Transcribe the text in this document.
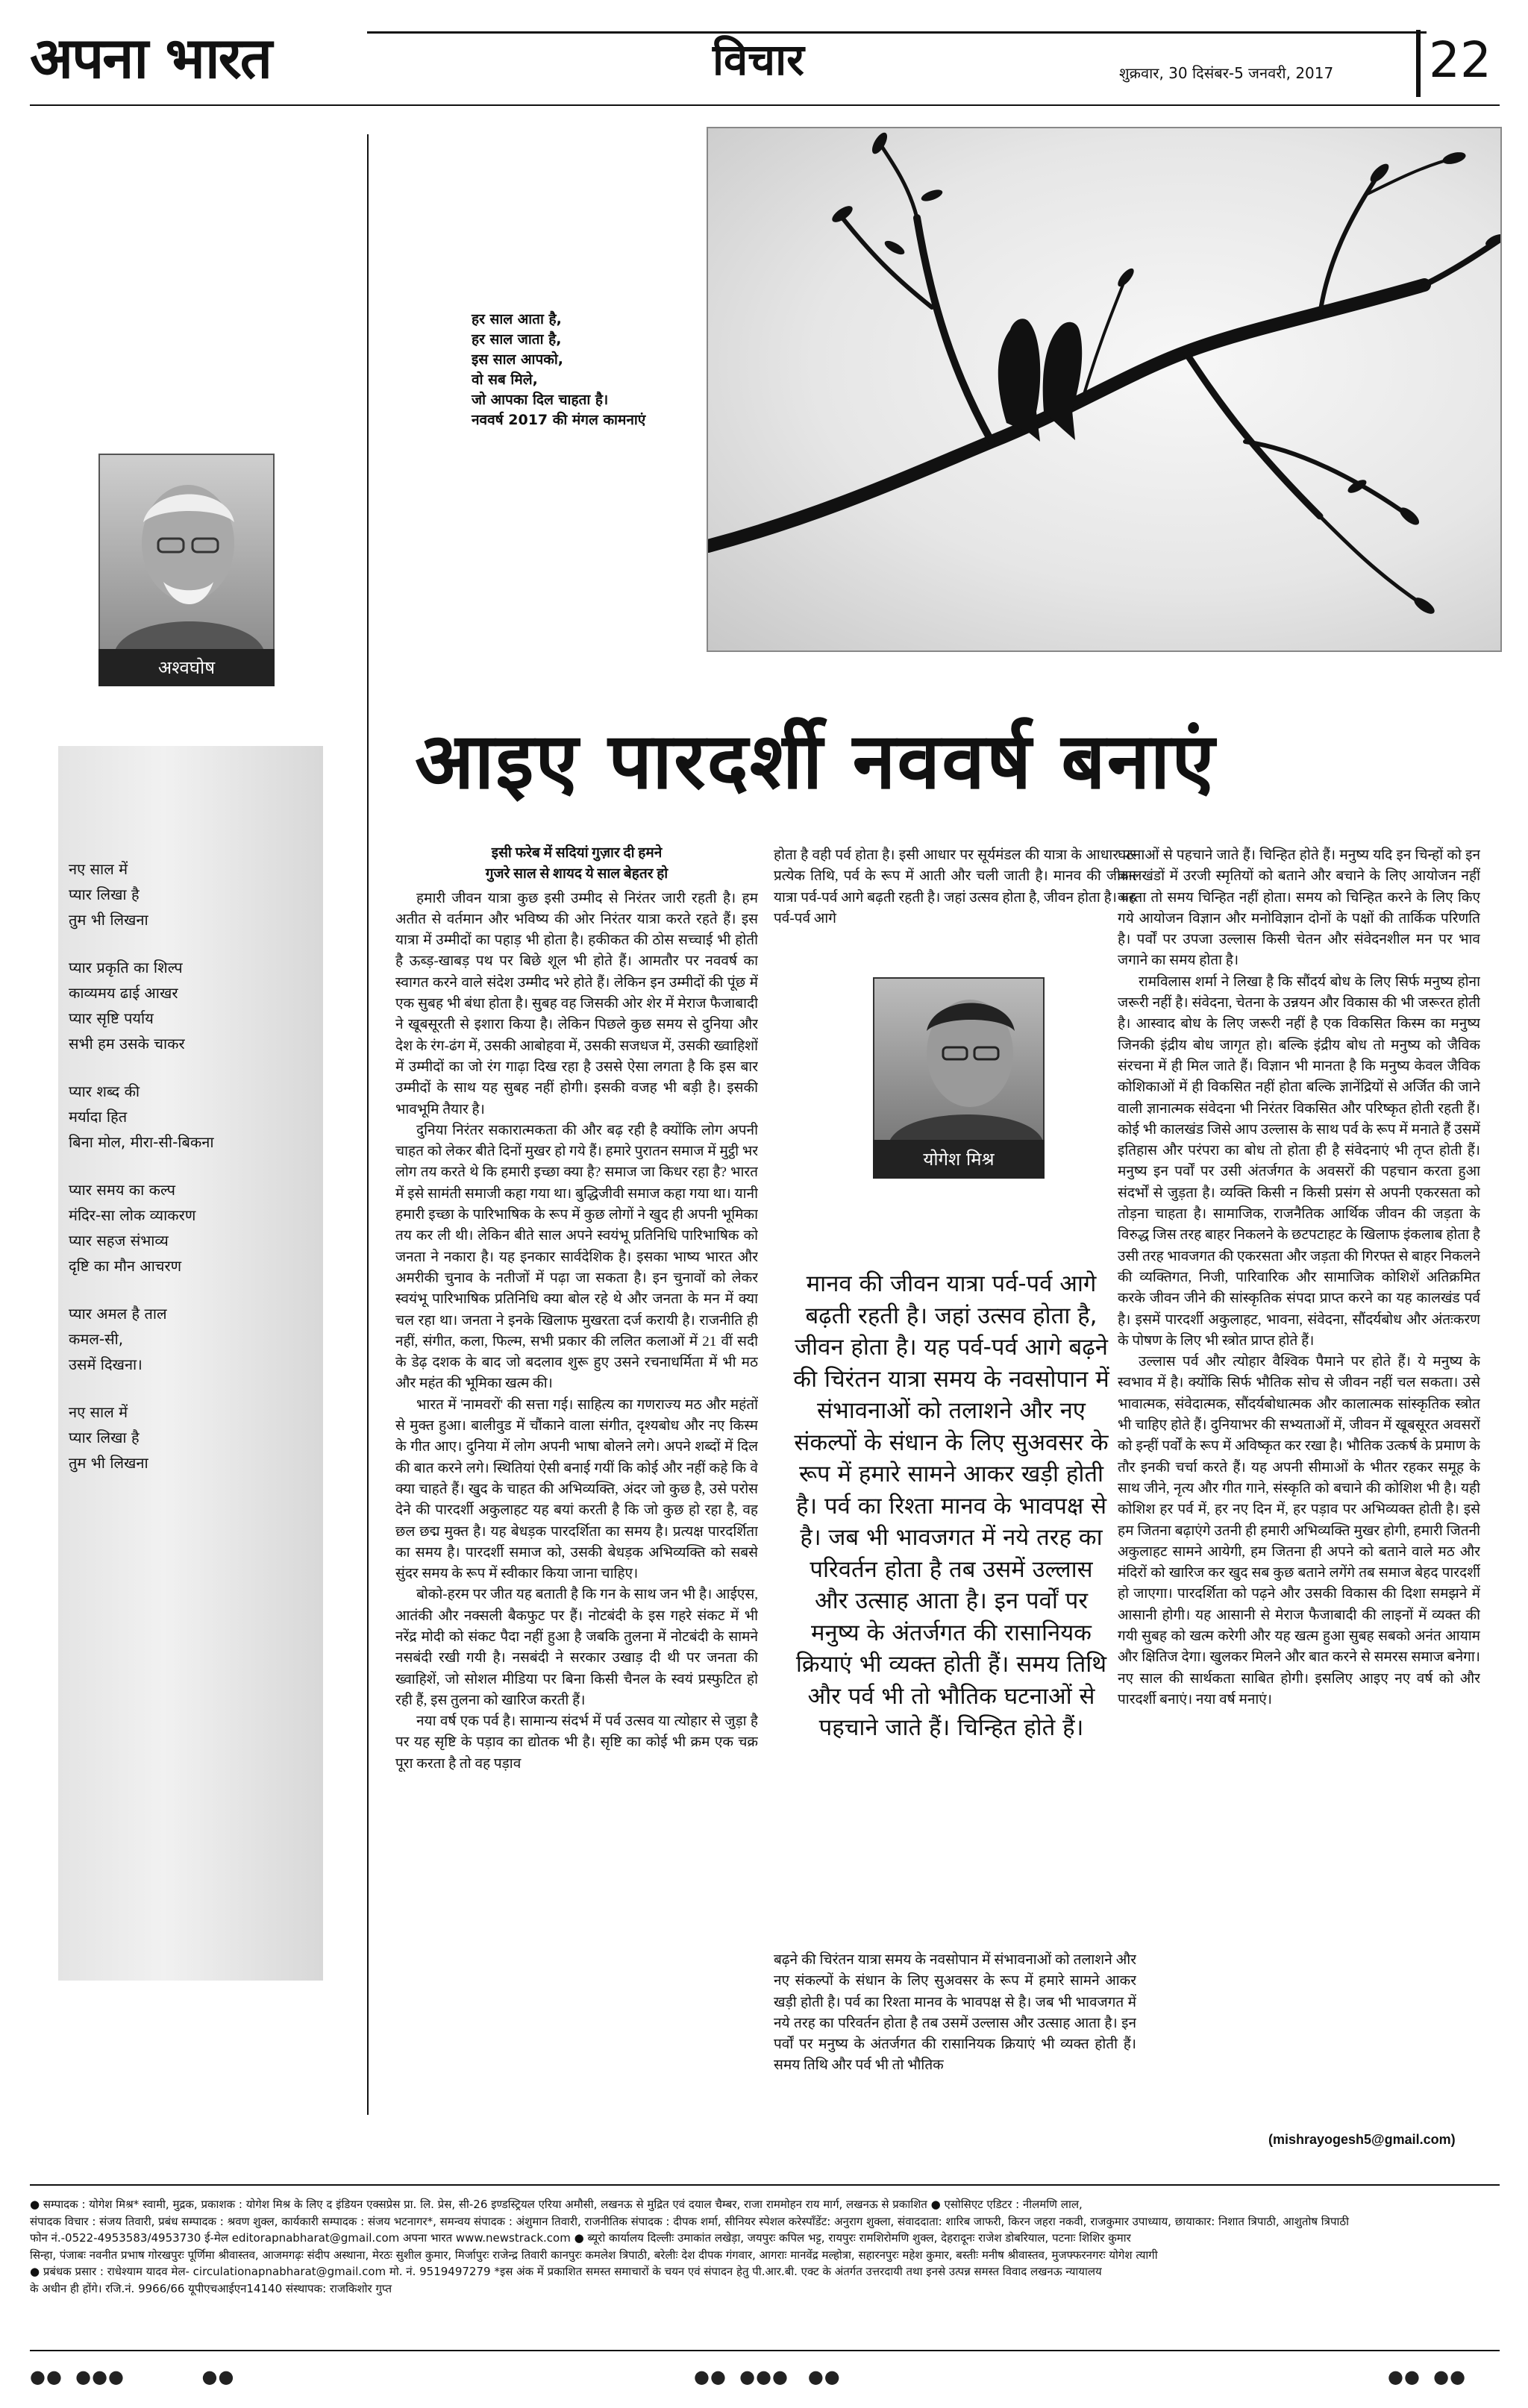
अपना भारत	विचार	शुक्रवार, 30 दिसंबर-5 जनवरी, 2017 22
हर साल आता है,
हर साल जाता है,
इस साल आपको,
वो सब मिले,
जो आपका दिल चाहता है।
नववर्ष 2017 की मंगल कामनाएं
अश्वघोष
नए साल में
प्यार लिखा है
तुम भी लिखना
प्यार प्रकृति का शिल्प
काव्यमय ढाई आखर
प्यार सृष्टि पर्याय
सभी हम उसके चाकर
प्यार शब्द की
मर्यादा हित
बिना मोल, मीरा-सी-बिकना
प्यार समय का कल्प
मंदिर-सा लोक व्याकरण
प्यार सहज संभाव्य
दृष्टि का मौन आचरण
प्यार अमल है ताल
कमल-सी,
उसमें दिखना।
नए साल में
प्यार लिखा है
तुम भी लिखना
आइए पारदर्शी नववर्ष बनाएं

इसी फरेब में सदियां गुज़ार दी हमने
गुजरे साल से शायद ये साल बेहतर हो

हमारी जीवन यात्रा कुछ इसी उम्मीद से निरंतर जारी रहती है। हम अतीत से वर्तमान और भविष्य की ओर निरंतर यात्रा करते रहते हैं। इस यात्रा में उम्मीदों का पहाड़ भी होता है। हकीकत की ठोस सच्चाई भी होती है ऊब्ड़-खाबड़ पथ पर बिछे शूल भी होते हैं। आमतौर पर नववर्ष का स्वागत करने वाले संदेश उम्मीद भरे होते हैं। लेकिन इन उम्मीदों की पूंछ में एक सुबह भी बंधा होता है। सुबह वह जिसकी ओर शेर में मेराज फैजाबादी ने खूबसूरती से इशारा किया है। लेकिन पिछले कुछ समय से दुनिया और देश के रंग-ढंग में, उसकी आबोहवा में, उसकी सजधज में, उसकी ख्वाहिशों में उम्मीदों का जो रंग गाढ़ा दिख रहा है उससे ऐसा लगता है कि इस बार उम्मीदों के साथ यह सुबह नहीं होगी। इसकी वजह भी बड़ी है। इसकी भावभूमि तैयार है।

दुनिया निरंतर सकारात्मकता की और बढ़ रही है क्योंकि लोग अपनी चाहत को लेकर बीते दिनों मुखर हो गये हैं। हमारे पुरातन समाज में मुट्ठी भर लोग तय करते थे कि हमारी इच्छा क्या है? समाज जा किधर रहा है? भारत में इसे सामंती समाजी कहा गया था। बुद्धिजीवी समाज कहा गया था। यानी हमारी इच्छा के पारिभाषिक के रूप में कुछ लोगों ने खुद ही अपनी भूमिका तय कर ली थी। लेकिन बीते साल अपने स्वयंभू प्रतिनिधि पारिभाषिक को जनता ने नकारा है। यह इनकार सार्वदेशिक है। इसका भाष्य भारत और अमरीकी चुनाव के नतीजों में पढ़ा जा सकता है। इन चुनावों को लेकर स्वयंभू पारिभाषिक प्रतिनिधि क्या बोल रहे थे और जनता के मन में क्या चल रहा था। जनता ने इनके खिलाफ मुखरता दर्ज करायी है। राजनीति ही नहीं, संगीत, कला, फिल्म, सभी प्रकार की ललित कलाओं में 21 वीं सदी के डेढ़ दशक के बाद जो बदलाव शुरू हुए उसने रचनाधर्मिता में भी मठ और महंत की भूमिका खत्म की।

भारत में 'नामवरों' की सत्ता गई। साहित्य का गणराज्य मठ और महंतों से मुक्त हुआ। बालीवुड में चौंकाने वाला संगीत, दृश्यबोध और नए किस्म के गीत आए। दुनिया में लोग अपनी भाषा बोलने लगे। अपने शब्दों में दिल की बात करने लगे। स्थितियां ऐसी बनाई गयीं कि कोई और नहीं कहे कि वे क्या चाहते हैं। खुद के चाहत की अभिव्यक्ति, अंदर जो कुछ है, उसे परोस देने की पारदर्शी अकुलाहट यह बयां करती है कि जो कुछ हो रहा है, वह छल छद्म मुक्त है। यह बेधड़क पारदर्शिता का समय है। प्रत्यक्ष पारदर्शिता का समय है। पारदर्शी समाज को, उसकी बेधड़क अभिव्यक्ति को सबसे सुंदर समय के रूप में स्वीकार किया जाना चाहिए।

बोको-हरम पर जीत यह बताती है कि गन के साथ जन भी है। आईएस, आतंकी और नक्सली बैकफुट पर हैं। नोटबंदी के इस गहरे संकट में भी नरेंद्र मोदी को संकट पैदा नहीं हुआ है जबकि तुलना में नोटबंदी के सामने नसबंदी रखी गयी है। नसबंदी ने सरकार उखाड़ दी थी पर जनता की ख्वाहिशें, जो सोशल मीडिया पर बिना किसी चैनल के स्वयं प्रस्फुटित हो रही हैं, इस तुलना को खारिज करती हैं।

नया वर्ष एक पर्व है। सामान्य संदर्भ में पर्व उत्सव या त्योहार से जुड़ा है पर यह सृष्टि के पड़ाव का द्योतक भी है। सृष्टि का कोई भी क्रम एक चक्र पूरा करता है तो वह पड़ाव

होता है वही पर्व होता है। इसी आधार पर सूर्यमंडल की यात्रा के आधार पर प्रत्येक तिथि, पर्व के रूप में आती और चली जाती है। मानव की जीवन यात्रा पर्व-पर्व आगे बढ़ती रहती है। जहां उत्सव होता है, जीवन होता है। यह पर्व-पर्व आगे

योगेश मिश्र
मानव की जीवन यात्रा पर्व-पर्व आगे बढ़ती रहती है। जहां उत्सव होता है, जीवन होता है। यह पर्व-पर्व आगे बढ़ने की चिरंतन यात्रा समय के नवसोपान में संभावनाओं को तलाशने और नए संकल्पों के संधान के लिए सुअवसर के रूप में हमारे सामने आकर खड़ी होती है। पर्व का रिश्ता मानव के भावपक्ष से है। जब भी भावजगत में नये तरह का परिवर्तन होता है तब उसमें उल्लास और उत्साह आता है। इन पर्वों पर मनुष्य के अंतर्जगत की रासानियक क्रियाएं भी व्यक्त होती हैं। समय तिथि और पर्व भी तो भौतिक घटनाओं से पहचाने जाते हैं। चिन्हित होते हैं।

बढ़ने की चिरंतन यात्रा समय के नवसोपान में संभावनाओं को तलाशने और नए संकल्पों के संधान के लिए सुअवसर के रूप में हमारे सामने आकर खड़ी होती है। पर्व का रिश्ता मानव के भावपक्ष से है। जब भी भावजगत में नये तरह का परिवर्तन होता है तब उसमें उल्लास और उत्साह आता है। इन पर्वों पर मनुष्य के अंतर्जगत की रासानियक क्रियाएं भी व्यक्त होती हैं। समय तिथि और पर्व भी तो भौतिक

घटनाओं से पहचाने जाते हैं। चिन्हित होते हैं। मनुष्य यदि इन चिन्हों को इन कालखंडों में उरजी स्मृतियों को बताने और बचाने के लिए आयोजन नहीं करता तो समय चिन्हित नहीं होता। समय को चिन्हित करने के लिए किए गये आयोजन विज्ञान और मनोविज्ञान दोनों के पक्षों की तार्किक परिणति है। पर्वों पर उपजा उल्लास किसी चेतन और संवेदनशील मन पर भाव जगाने का समय होता है।

रामविलास शर्मा ने लिखा है कि सौंदर्य बोध के लिए सिर्फ मनुष्य होना जरूरी नहीं है। संवेदना, चेतना के उन्नयन और विकास की भी जरूरत होती है। आस्वाद बोध के लिए जरूरी नहीं है एक विकसित किस्म का मनुष्य जिनकी इंद्रीय बोध जागृत हो। बल्कि इंद्रीय बोध तो मनुष्य को जैविक संरचना में ही मिल जाते हैं। विज्ञान भी मानता है कि मनुष्य केवल जैविक कोशिकाओं में ही विकसित नहीं होता बल्कि ज्ञानेंद्रियों से अर्जित की जाने वाली ज्ञानात्मक संवेदना भी निरंतर विकसित और परिष्कृत होती रहती हैं। कोई भी कालखंड जिसे आप उल्लास के साथ पर्व के रूप में मनाते हैं उसमें इतिहास और परंपरा का बोध तो होता ही है संवेदनाएं भी तृप्त होती हैं। मनुष्य इन पर्वों पर उसी अंतर्जगत के अवसरों की पहचान करता हुआ संदर्भों से जुड़ता है। व्यक्ति किसी न किसी प्रसंग से अपनी एकरसता को तोड़ना चाहता है। सामाजिक, राजनैतिक आर्थिक जीवन की जड़ता के विरुद्ध जिस तरह बाहर निकलने के छटपटाहट के खिलाफ इंकलाब होता है उसी तरह भावजगत की एकरसता और जड़ता की गिरफ्त से बाहर निकलने की व्यक्तिगत, निजी, पारिवारिक और सामाजिक कोशिशें अतिक्रमित करके जीवन जीने की सांस्कृतिक संपदा प्राप्त करने का यह कालखंड पर्व है। इसमें पारदर्शी अकुलाहट, भावना, संवेदना, सौंदर्यबोध और अंतःकरण के पोषण के लिए भी स्त्रोत प्राप्त होते हैं।

उल्लास पर्व और त्योहार वैश्विक पैमाने पर होते हैं। ये मनुष्य के स्वभाव में है। क्योंकि सिर्फ भौतिक सोच से जीवन नहीं चल सकता। उसे भावात्मक, संवेदात्मक, सौंदर्यबोधात्मक और कालात्मक सांस्कृतिक स्त्रोत भी चाहिए होते हैं। दुनियाभर की सभ्यताओं में, जीवन में खूबसूरत अवसरों को इन्हीं पर्वों के रूप में अविष्कृत कर रखा है। भौतिक उत्कर्ष के प्रमाण के तौर इनकी चर्चा करते हैं। यह अपनी सीमाओं के भीतर रहकर समूह के साथ जीने, नृत्य और गीत गाने, संस्कृति को बचाने की कोशिश भी है। यही कोशिश हर पर्व में, हर नए दिन में, हर पड़ाव पर अभिव्यक्त होती है। इसे हम जितना बढ़ाएंगे उतनी ही हमारी अभिव्यक्ति मुखर होगी, हमारी जितनी अकुलाहट सामने आयेगी, हम जितना ही अपने को बताने वाले मठ और मंदिरों को खारिज कर खुद सब कुछ बताने लगेंगे तब समाज बेहद पारदर्शी हो जाएगा। पारदर्शिता को पढ़ने और उसकी विकास की दिशा समझने में आसानी होगी। यह आसानी से मेराज फैजाबादी की लाइनों में व्यक्त की गयी सुबह को खत्म करेगी और यह खत्म हुआ सुबह सबको अनंत आयाम और क्षितिज देगा। खुलकर मिलने और बात करने से समरस समाज बनेगा। नए साल की सार्थकता साबित होगी। इसलिए आइए नए वर्ष को और पारदर्शी बनाएं। नया वर्ष मनाएं।

(mishrayogesh5@gmail.com)
● सम्पादक : योगेश मिश्र* स्वामी, मुद्रक, प्रकाशक : योगेश मिश्र के लिए द इंडियन एक्सप्रेस प्रा. लि. प्रेस, सी-26 इण्डस्ट्रियल एरिया अमौसी, लखनऊ से मुद्रित एवं दयाल चैम्बर, राजा राममोहन राय मार्ग, लखनऊ से प्रकाशित ● एसोसिएट एडिटर : नीलमणि लाल,
संपादक विचार : संजय तिवारी, प्रबंध सम्पादक : श्रवण शुक्ल, कार्यकारी सम्पादक : संजय भटनागर*, समन्वय संपादक : अंशुमान तिवारी, राजनीतिक संपादक : दीपक शर्मा, सीनियर स्पेशल करेस्पॉंडेंट: अनुराग शुक्ला, संवाददाता: शारिब जाफरी, किरन जहरा नकवी, राजकुमार उपाध्याय, छायाकार: निशात त्रिपाठी, आशुतोष त्रिपाठी
फोन नं.-0522-4953583/4953730 ई-मेल editorapnabharat@gmail.com अपना भारत www.newstrack.com ● ब्यूरो कार्यालय दिल्लीः उमाकांत लखेड़ा, जयपुरः कपिल भट्ट, रायपुरः रामशिरोमणि शुक्ल, देहरादूनः राजेश डोबरियाल, पटनाः शिशिर कुमार
सिन्हा, पंजाबः नवनीत प्रभाष गोरखपुरः पूर्णिमा श्रीवास्तव, आजमगढ़ः संदीप अस्थाना, मेरठः सुशील कुमार, मिर्जापुरः राजेन्द्र तिवारी कानपुरः कमलेश त्रिपाठी, बरेलीः देश दीपक गंगवार, आगराः मानवेंद्र मल्होत्रा, सहारनपुरः महेश कुमार, बस्तीः मनीष श्रीवास्तव, मुजफ्फरनगरः योगेश त्यागी
● प्रबंधक प्रसार : राधेश्याम यादव मेल- circulationapnabharat@gmail.com मो. नं. 9519497279 *इस अंक में प्रकाशित समस्त समाचारों के चयन एवं संपादन हेतु पी.आर.बी. एक्ट के अंतर्गत उत्तरदायी तथा इनसे उत्पन्न समस्त विवाद लखनऊ न्यायालय
के अधीन ही होंगे। रजि.नं. 9966/66 यूपीएचआईएन14140 संस्थापक: राजकिशोर गुप्त
●●  ●●●            ●●	●●  ●●●   ●●	●●  ●●
